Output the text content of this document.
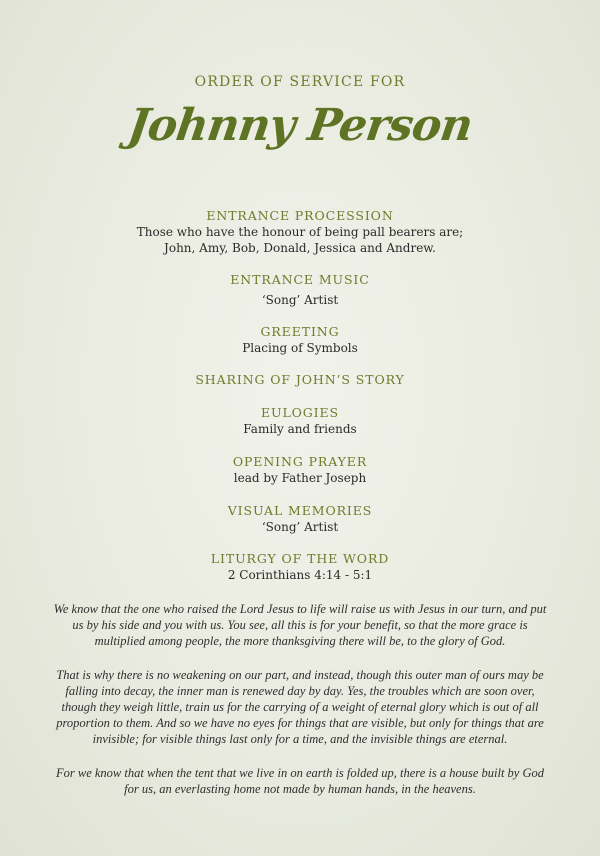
ORDER OF SERVICE FOR
Johnny Person
ENTRANCE PROCESSION
Those who have the honour of being pall bearers are;
John, Amy, Bob, Donald, Jessica and Andrew.
ENTRANCE MUSIC
‘Song’ Artist
GREETING
Placing of Symbols
SHARING OF JOHN’S STORY
EULOGIES
Family and friends
OPENING PRAYER
lead by Father Joseph
VISUAL MEMORIES
‘Song’ Artist
LITURGY OF THE WORD
2 Corinthians 4:14 - 5:1

We know that the one who raised the Lord Jesus to life will raise us with Jesus in our turn, and put us by his side and you with us. You see, all this is for your benefit, so that the more grace is multiplied among people, the more thanksgiving there will be, to the glory of God.

That is why there is no weakening on our part, and instead, though this outer man of ours may be falling into decay, the inner man is renewed day by day. Yes, the troubles which are soon over, though they weigh little, train us for the carrying of a weight of eternal glory which is out of all proportion to them. And so we have no eyes for things that are visible, but only for things that are invisible; for visible things last only for a time, and the invisible things are eternal.

For we know that when the tent that we live in on earth is folded up, there is a house built by God for us, an everlasting home not made by human hands, in the heavens.
